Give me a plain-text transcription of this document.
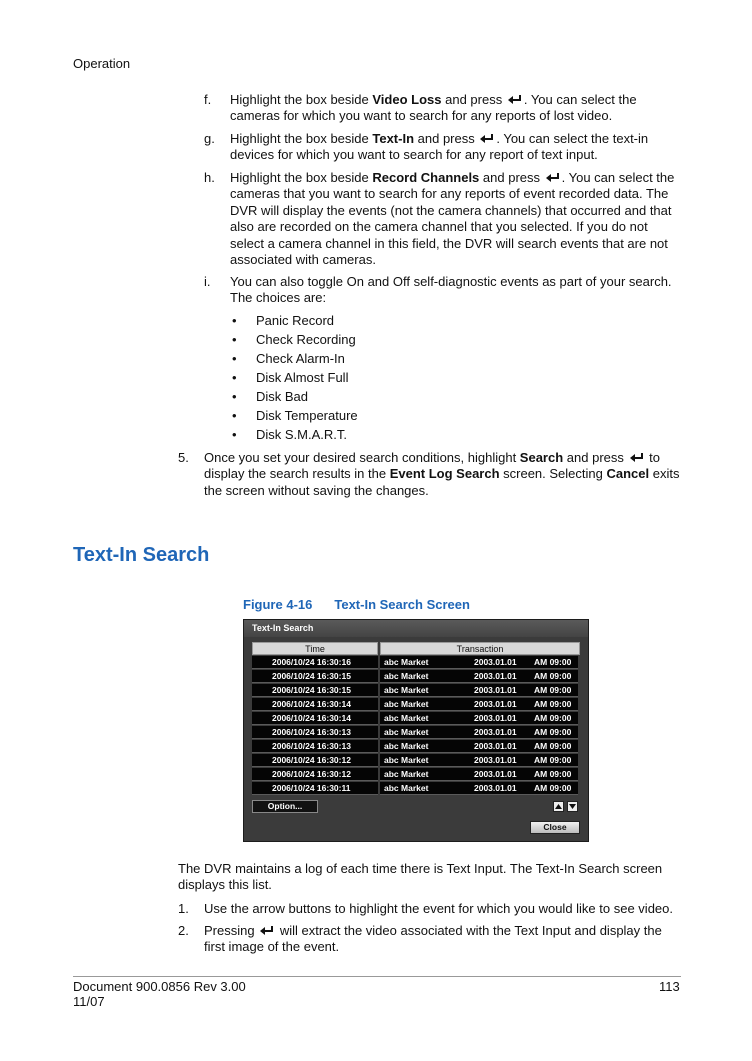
Operation
f. Highlight the box beside Video Loss and press . You can select the
cameras for which you want to search for any reports of lost video.
g. Highlight the box beside Text-In and press . You can select the text-in
devices for which you want to search for any report of text input.
h. Highlight the box beside Record Channels and press . You can select the
cameras that you want to search for any reports of event recorded data. The
DVR will display the events (not the camera channels) that occurred and that
also are recorded on the camera channel that you selected. If you do not
select a camera channel in this field, the DVR will search events that are not
associated with cameras.
i. You can also toggle On and Off self-diagnostic events as part of your search.
The choices are:
• Panic Record
• Check Recording
• Check Alarm-In
• Disk Almost Full
• Disk Bad
• Disk Temperature
• Disk S.M.A.R.T.
5. Once you set your desired search conditions, highlight Search and press  to
display the search results in the Event Log Search screen. Selecting Cancel exits
the screen without saving the changes.
Text-In Search
Figure 4-16 Text-In Search Screen
Text-In Search
Time	Transaction
2006/10/24 16:30:16	abc Market	2003.01.01	AM 09:00
2006/10/24 16:30:15	abc Market	2003.01.01	AM 09:00
2006/10/24 16:30:15	abc Market	2003.01.01	AM 09:00
2006/10/24 16:30:14	abc Market	2003.01.01	AM 09:00
2006/10/24 16:30:14	abc Market	2003.01.01	AM 09:00
2006/10/24 16:30:13	abc Market	2003.01.01	AM 09:00
2006/10/24 16:30:13	abc Market	2003.01.01	AM 09:00
2006/10/24 16:30:12	abc Market	2003.01.01	AM 09:00
2006/10/24 16:30:12	abc Market	2003.01.01	AM 09:00
2006/10/24 16:30:11	abc Market	2003.01.01	AM 09:00
Option...
Close
The DVR maintains a log of each time there is Text Input. The Text-In Search screen
displays this list.
1. Use the arrow buttons to highlight the event for which you would like to see video.
2. Pressing  will extract the video associated with the Text Input and display the
first image of the event.
Document 900.0856 Rev 3.00
11/07
113
